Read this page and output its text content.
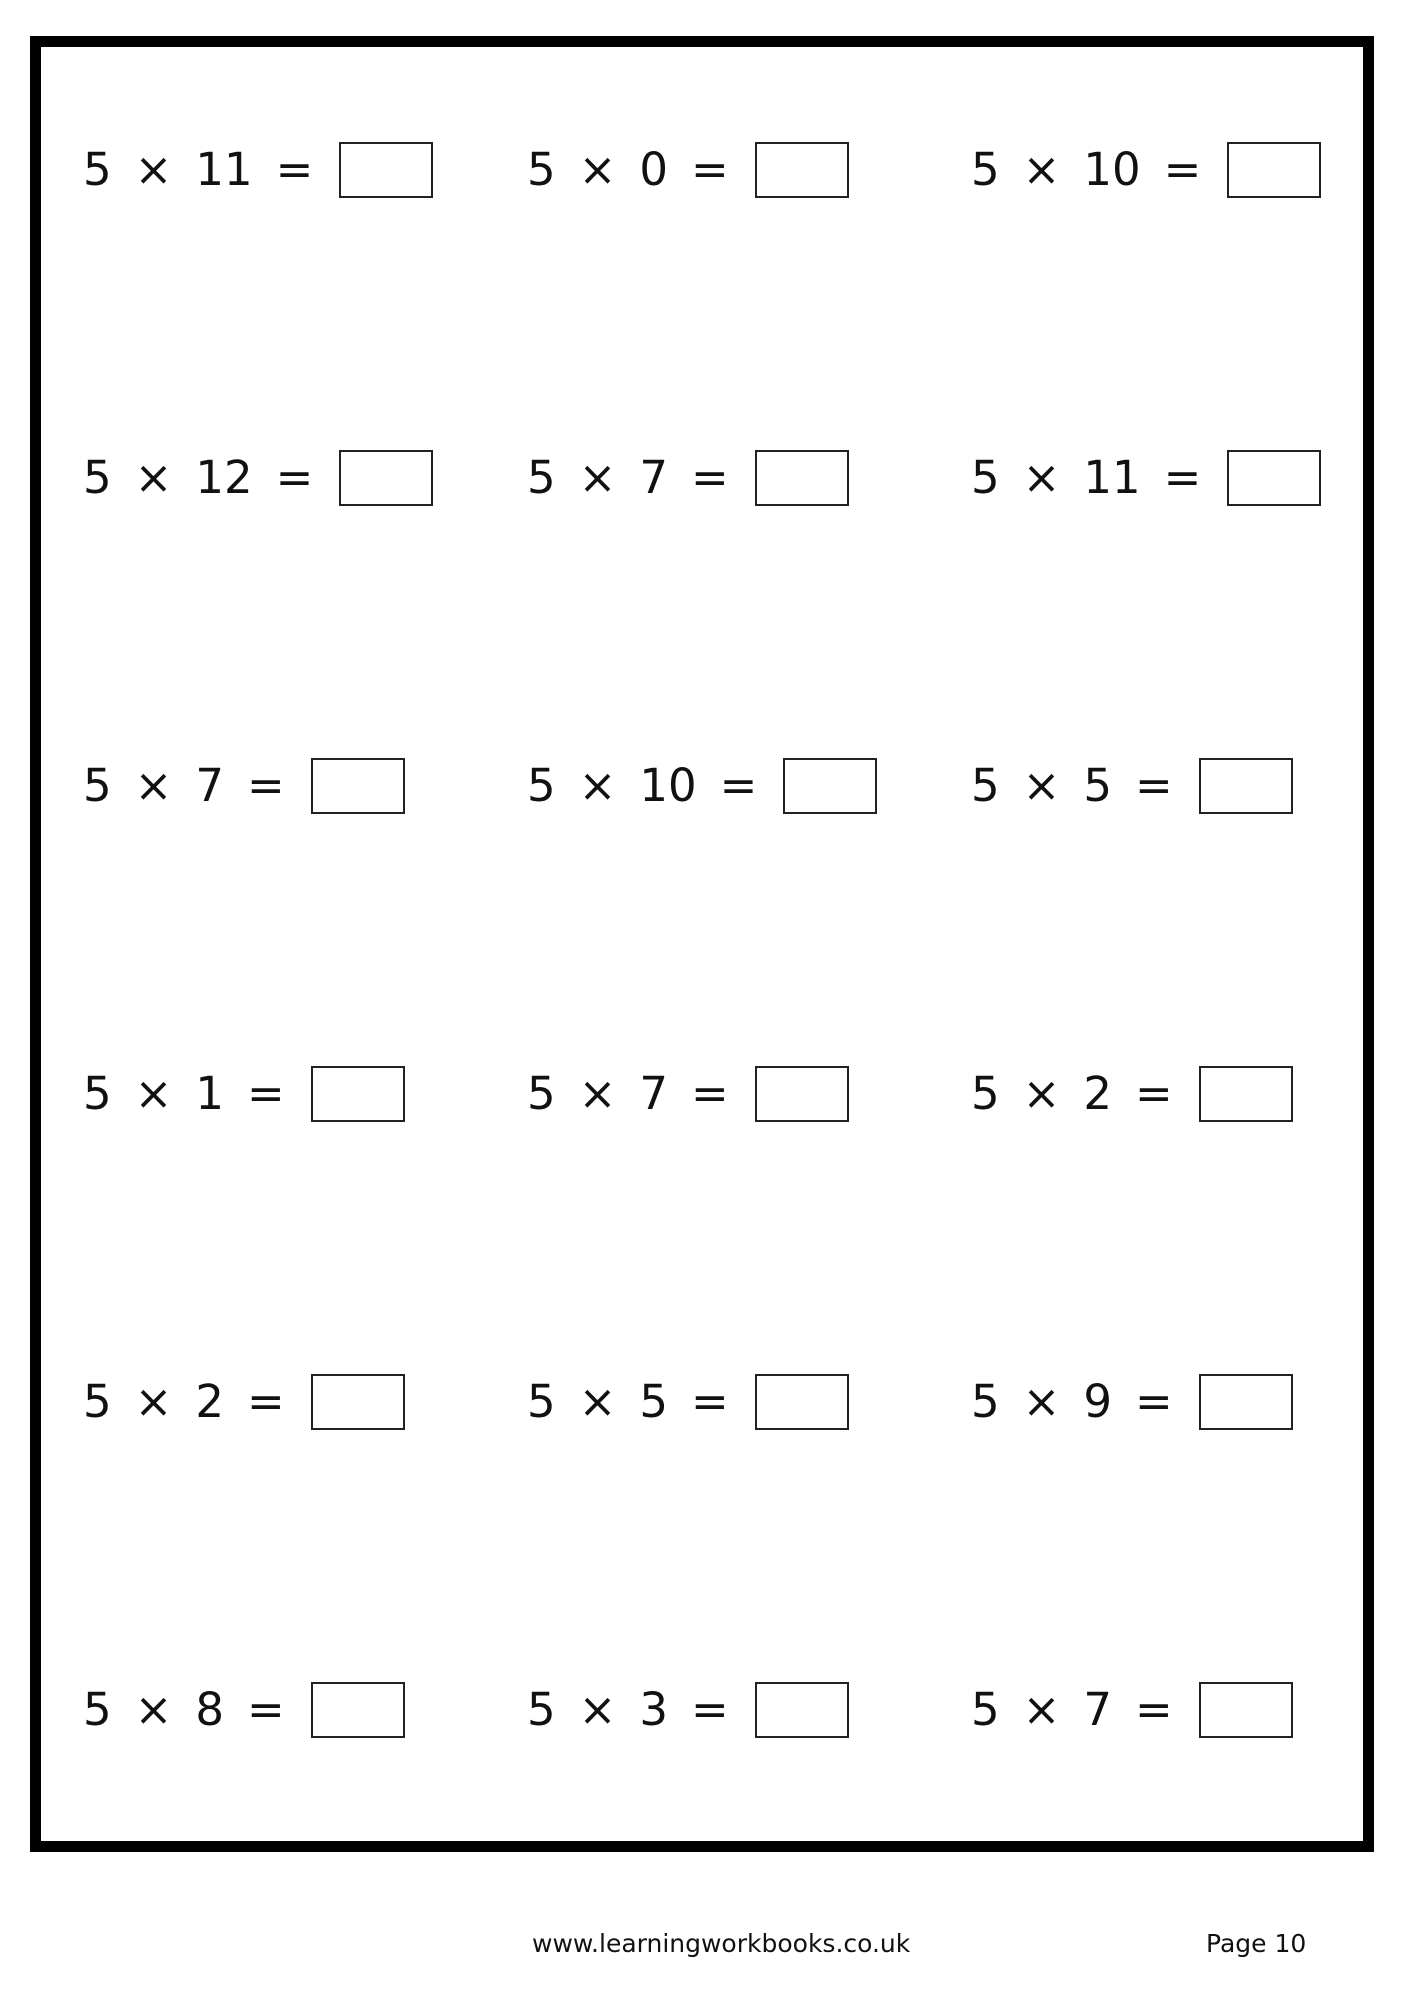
5 × 11 =	5 × 0 =	5 × 10 =
5 × 12 =	5 × 7 =	5 × 11 =
5 × 7 =	5 × 10 =	5 × 5 =
5 × 1 =	5 × 7 =	5 × 2 =
5 × 2 =	5 × 5 =	5 × 9 =
5 × 8 =	5 × 3 =	5 × 7 =
www.learningworkbooks.co.uk	Page 10
